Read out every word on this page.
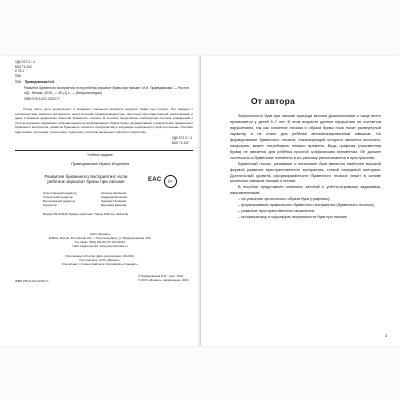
УДК 372.3 / .4
ББК 74.102
К 75-1
П68
П68 Праведникова И.И.
Развитие буквенного восприятия: если ребенок зеркалит буквы при письме / И.И. Праведникова. — Ростов н/Д : Феникс, 2019. — 39, [1] с. — (Невролгопедия).
ISBN 978-5-222-32227-7
Очень часто дети дошкольного и младшего школьного возраста зеркалят буквы при письме. Это связано с особенностями развития восприятия, недостаточной сформированностью зрительно-пространственной ориентировки и даже стиханием движениям объектив буквенного гнозиса. В пособии представлен комплексная система упражнений с учётом игровыми заданиями, направленными на формирование образа буквы, формирование и закрепление правильного буквенного восприятия, развития буквенного гнозиса и профилактику и коррекции зеркальности букв при письме. Пособие адресовано логопедам, психологам, педагогам, учителям начальных классов и родителям.
УДК 372.3 / .4
ББК 74.102
Учебное издание
Праведникова Ирина Игоревна
Развитие буквенного восприятия: если ребенок зеркалит буквы при письме	EAC	0+
Ответственный редактор	Наталья Калинина
Технический редактор	Надежда Калинина
Выпускающий редактор	Эльвира Полякова
Корректор	Вероника Ежикова
Формат 84×108/16. Бумага офсетная. Тираж 4000 экз. Заказ №
ООО «Феникс»
344011, Россия, Ростовская обл., г. Ростов-на-Дону, ул. Варфоломеева, 150.
Тел./факс: (863) 261-89-75, 261-89-50.
Сайт издательства: www.phoenixbooks.ru
Изготовлено в России. Дата изготовления: 09.2019.
Изготовитель: ООО «Феникс».
Отпечатано с готовых файлов в типографии «Стандарт».
ISBN 978-5-222-32227-7
© Праведникова И.И., текст, 2019
© ООО «Феникс», оформление, 2019
От автора

Зеркальность букв при письме присуща многим дошкольникам и чаще всего проявляется у детей 5–7 лет. В этом возрасте данное нарушение не считается нарушением, так как освоение письма и образа буквы пока носит развернутый характер и не стало для ребёнка автоматизированным навыком. Но формирование буквенного гнозиса, локализующей которого является восточно-гмофорию, может потребовать немало времени. Ведь графема (письменная буква) не является для ребёнка простой графическим элементом. Он должен соотносить в буквенные элементы и по-разному располагаются в пространстве.

Буквенный гнозис, узнавание и написание букв является наиболее высокой формой развития пространственного восприятия, тонкой пальцевой моторики. Достаточный уровень сформированности буквенного гнозиса лежит в основе школьных навыков письма и чтения.

В пособии представлен комплекс занятий с учётно-игровыми заданиями, направленными:

– на усвоение зрительного образа букв (графемы);

– формирование правильного буквенного восприятия (буквенного гнозиса);

– развитие пространственного мышления;

– профилактику и коррекцию зеркальности букв при письме.

3
